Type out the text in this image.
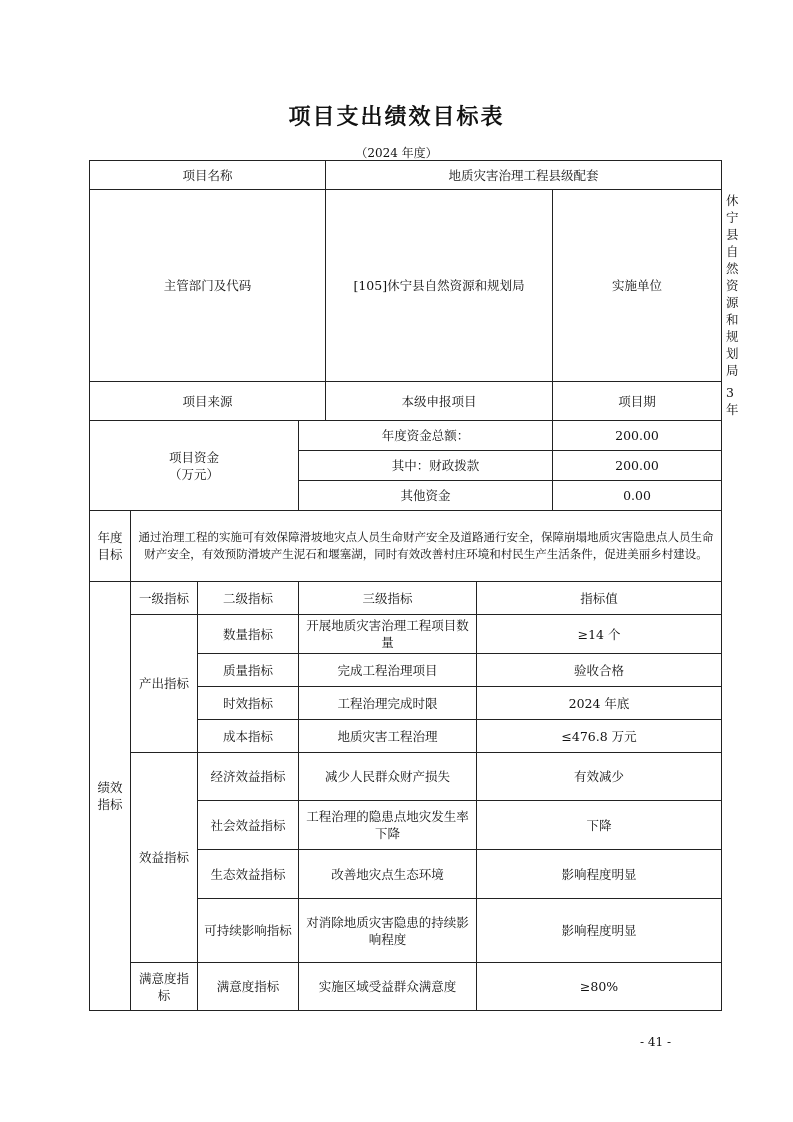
项目支出绩效目标表
（2024 年度）
项目名称				地质灾害治理工程县级配套			
主管部门及代码				[105]休宁县自然资源和规划局		实施单位	休宁县自然资源和规划局
项目来源				本级申报项目		项目期	3 年

项目资金
（万元）			年度资金总额：			200.00	
			其中：财政拨款			200.00	
			其他资金			0.00	
年度目标	通过治理工程的实施可有效保障滑坡地灾点人员生命财产安全及道路通行安全，保障崩塌地质灾害隐患点人员生命财产安全，有效预防滑坡产生泥石和堰塞湖，同时有效改善村庄环境和村民生产生活条件，促进美丽乡村建设。						
绩效指标	一级指标	二级指标	三级指标		指标值		
	产出指标	数量指标	开展地质灾害治理工程项目数量		≥14 个		
		质量指标	完成工程治理项目		验收合格		
		时效指标	工程治理完成时限		2024 年底		
		成本指标	地质灾害工程治理		≤476.8 万元		
	效益指标	经济效益指标	减少人民群众财产损失		有效减少		
		社会效益指标	工程治理的隐患点地灾发生率下降		下降		
		生态效益指标	改善地灾点生态环境		影响程度明显		
		可持续影响指标	对消除地质灾害隐患的持续影响程度		影响程度明显		
	满意度指标	满意度指标	实施区域受益群众满意度		≥80%		
- 41 -
